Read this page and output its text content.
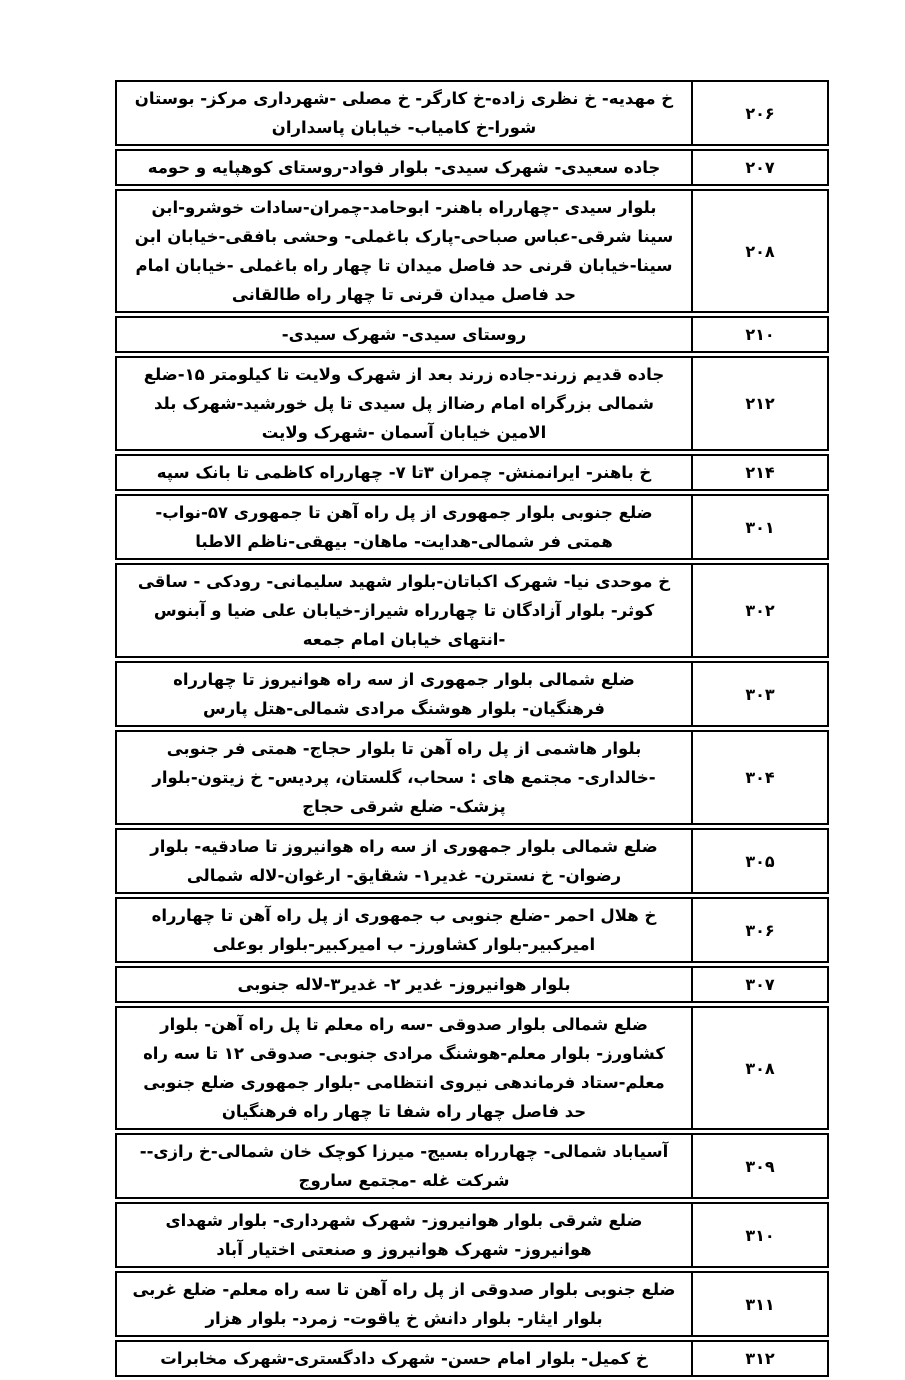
۲۰۶
خ مهدیه- خ نظری زاده-خ کارگر- خ مصلی -شهرداری مرکز- بوستان شورا-خ کامیاب- خیابان پاسداران
۲۰۷
جاده سعیدی- شهرک سیدی- بلوار فواد-روستای کوهپایه و حومه
۲۰۸
بلوار سیدی -چهارراه باهنر- ابوحامد-چمران-سادات خوشرو-ابن سینا شرقی-عباس صباحی-پارک باغملی- وحشی بافقی-خیابان ابن سینا-خیابان قرنی حد فاصل میدان تا چهار راه باغملی -خیابان امام حد فاصل میدان قرنی تا چهار راه طالقانی
۲۱۰
روستای سیدی- شهرک سیدی-
۲۱۲
جاده قدیم زرند-جاده زرند بعد از شهرک ولایت تا کیلومتر ۱۵-ضلع شمالی بزرگراه امام رضااز پل سیدی تا پل خورشید-شهرک بلد الامین خیابان آسمان -شهرک ولایت
۲۱۴
خ باهنر- ایرانمنش- چمران ۳تا ۷- چهارراه کاظمی تا بانک سپه
۳۰۱
ضلع جنوبی بلوار جمهوری از پل راه آهن تا جمهوری ۵۷-نواب- همتی فر شمالی-هدایت- ماهان- بیهقی-ناظم الاطبا
۳۰۲
خ موحدی نیا- شهرک اکباتان-بلوار شهید سلیمانی- رودکی - ساقی کوثر- بلوار آزادگان تا چهارراه شیراز-خیابان علی ضیا و آبنوس -انتهای خیابان امام جمعه
۳۰۳
ضلع شمالی بلوار جمهوری از سه راه هوانیروز تا چهارراه فرهنگیان- بلوار هوشنگ مرادی شمالی-هتل پارس
۳۰۴
بلوار هاشمی از پل راه آهن تا بلوار حجاج- همتی فر جنوبی -خالداری- مجتمع های : سحاب، گلستان، پردیس- خ زیتون-بلوار پزشک- ضلع شرقی حجاج
۳۰۵
ضلع شمالی بلوار جمهوری از سه راه هوانیروز تا صادقیه- بلوار رضوان- خ نسترن- غدیر۱- شقایق- ارغوان-لاله شمالی
۳۰۶
خ هلال احمر -ضلع جنوبی ب جمهوری از پل راه آهن تا چهارراه امیرکبیر-بلوار کشاورز- ب امیرکبیر-بلوار بوعلی
۳۰۷
بلوار هوانیروز- غدیر ۲- غدیر۳-لاله جنوبی
۳۰۸
ضلع شمالی بلوار صدوقی -سه راه معلم تا پل راه آهن- بلوار کشاورز- بلوار معلم-هوشنگ مرادی جنوبی- صدوقی ۱۲ تا سه راه معلم-ستاد فرماندهی نیروی انتظامی -بلوار جمهوری ضلع جنوبی حد فاصل چهار راه شفا تا چهار راه فرهنگیان
۳۰۹
آسیاباد شمالی- چهارراه بسیج- میرزا کوچک خان شمالی-خ رازی--شرکت غله -مجتمع ساروج
۳۱۰
ضلع شرقی بلوار هوانیروز- شهرک شهرداری- بلوار شهدای هوانیروز- شهرک هوانیروز و صنعتی اختیار آباد
۳۱۱
ضلع جنوبی بلوار صدوقی از پل راه آهن تا سه راه معلم- ضلع غربی بلوار ایثار- بلوار دانش خ یاقوت- زمرد- بلوار هزار
۳۱۲
خ کمیل- بلوار امام حسن- شهرک دادگستری-شهرک مخابرات
